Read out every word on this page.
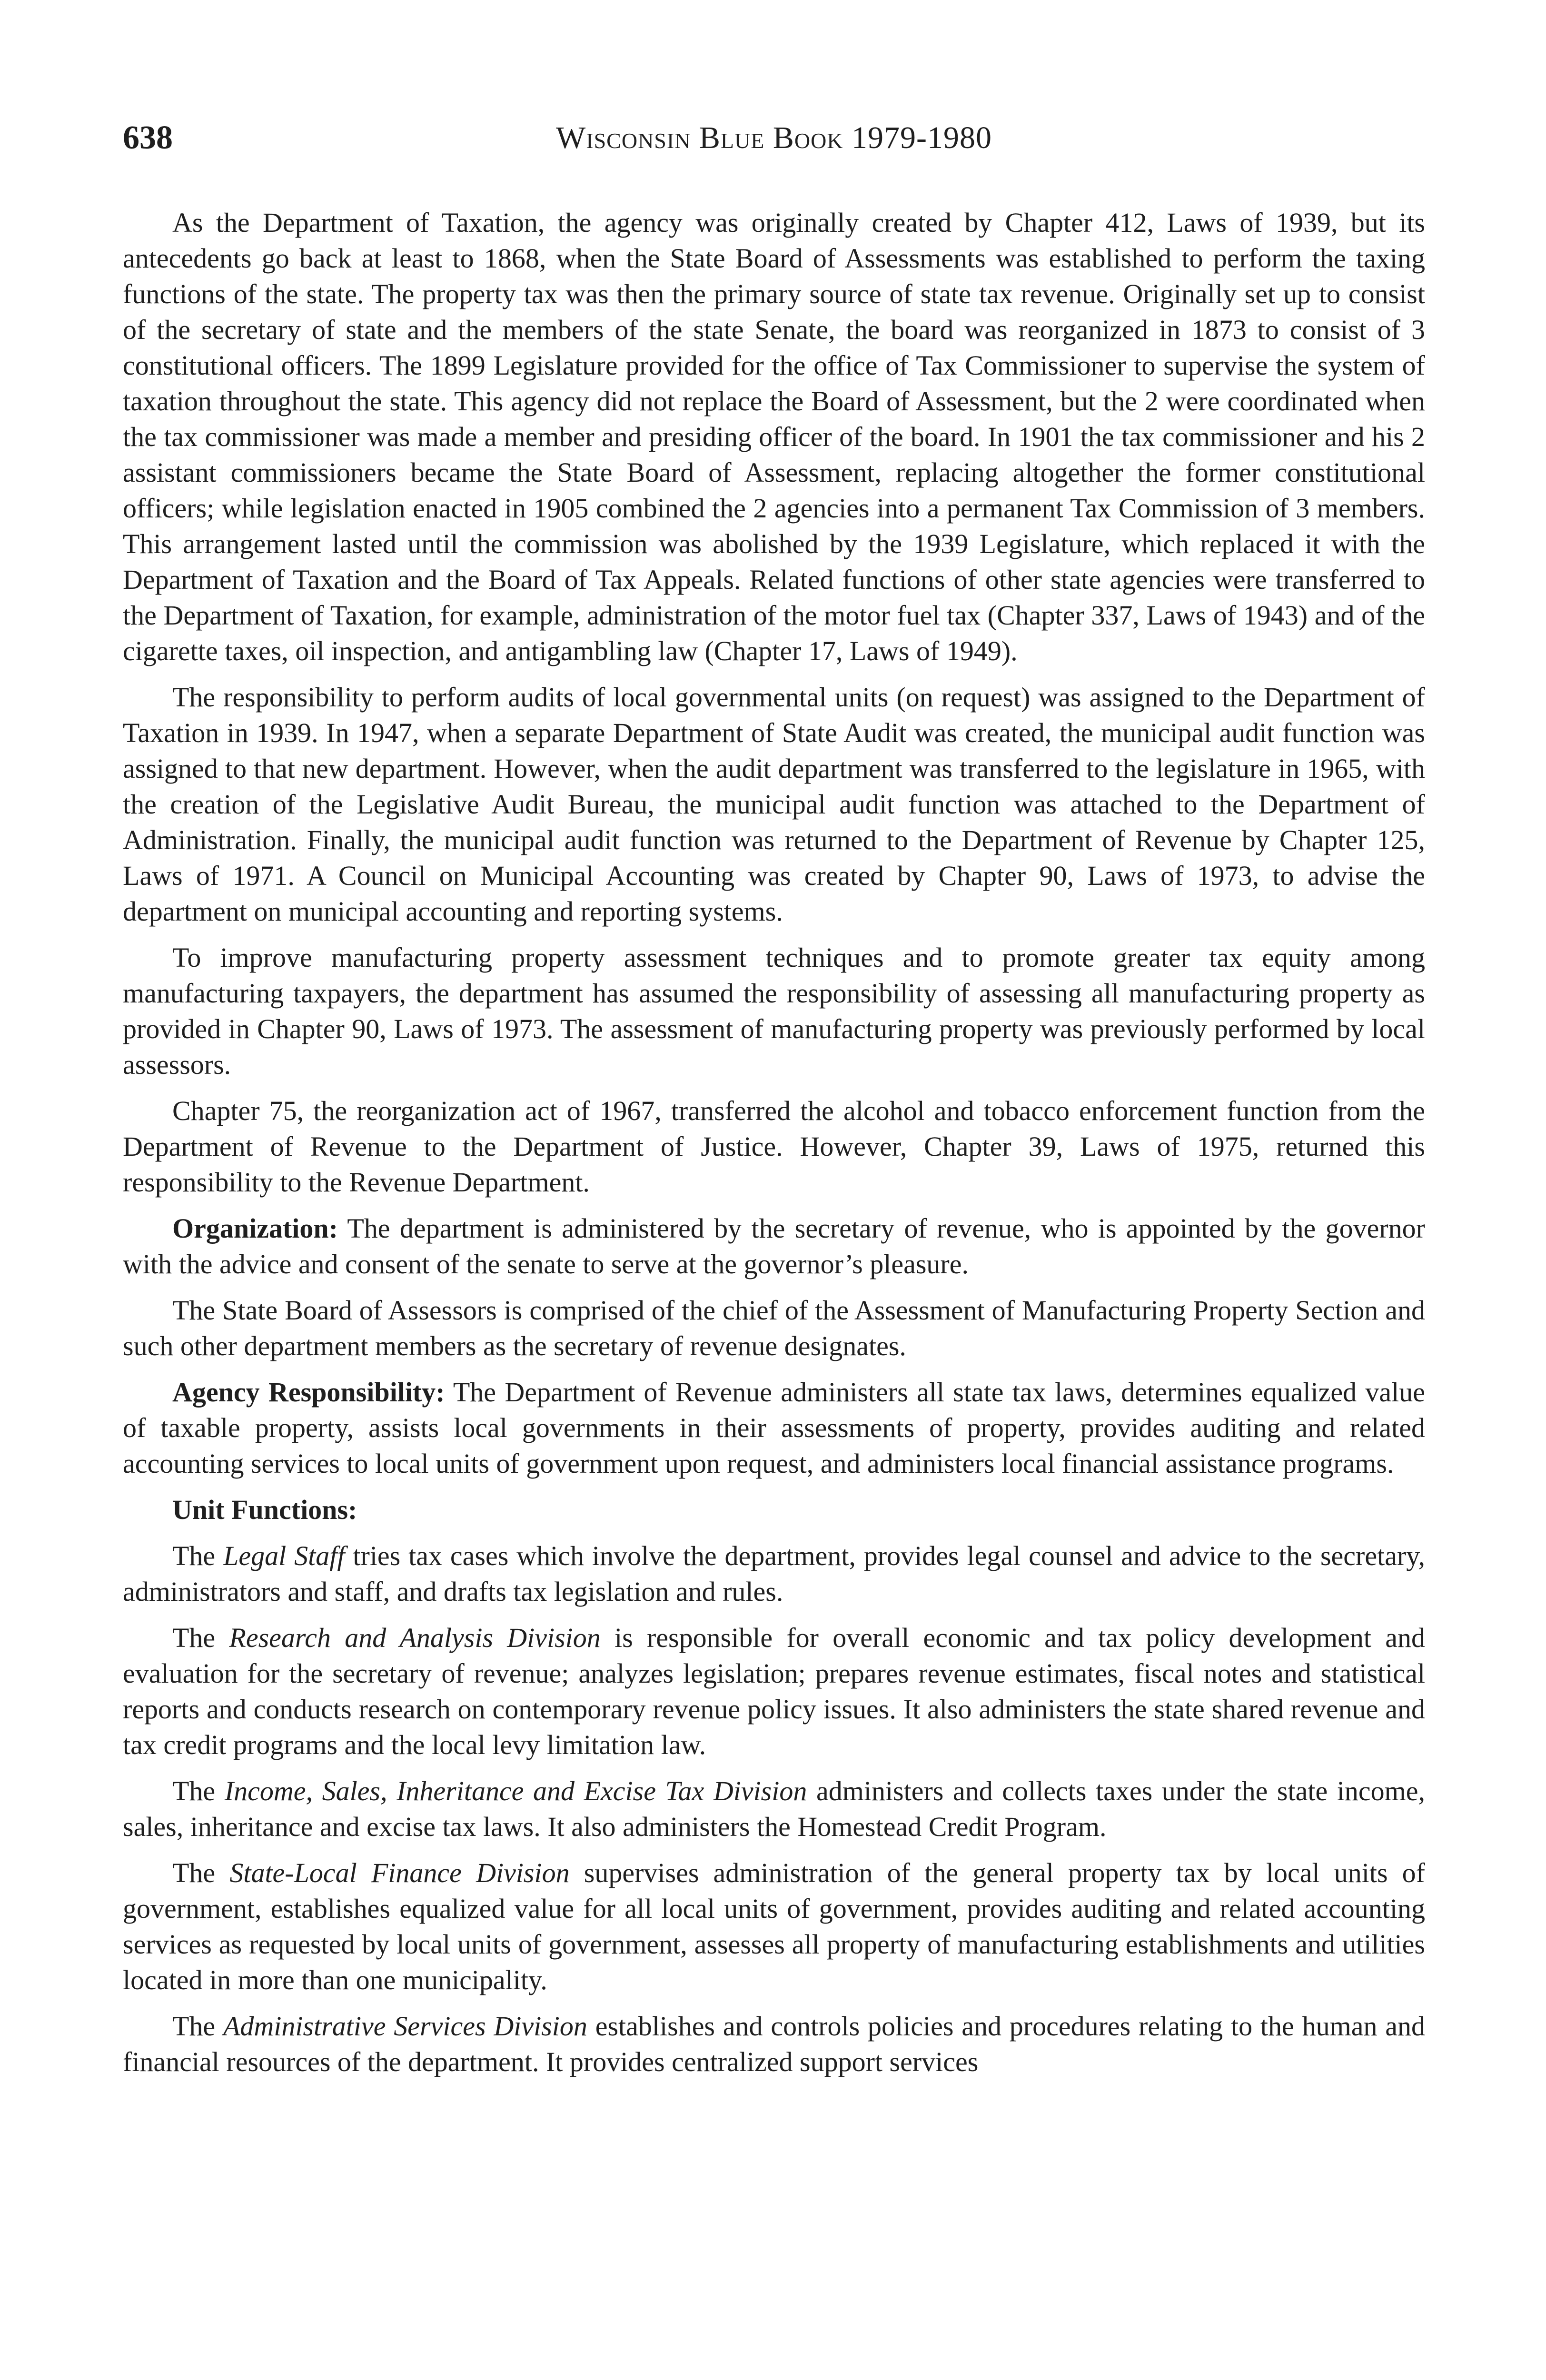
638	Wisconsin Blue Book 1979-1980

As the Department of Taxation, the agency was originally created by Chapter 412, Laws of 1939, but its antecedents go back at least to 1868, when the State Board of Assessments was established to perform the taxing functions of the state. The property tax was then the primary source of state tax revenue. Originally set up to consist of the secretary of state and the members of the state Senate, the board was reorganized in 1873 to consist of 3 constitutional officers. The 1899 Legislature provided for the office of Tax Commissioner to supervise the system of taxation throughout the state. This agency did not replace the Board of Assessment, but the 2 were coordinated when the tax commissioner was made a member and presiding officer of the board. In 1901 the tax commissioner and his 2 assistant commissioners became the State Board of Assessment, replacing altogether the former constitutional officers; while legislation enacted in 1905 combined the 2 agencies into a permanent Tax Commission of 3 members. This arrangement lasted until the commission was abolished by the 1939 Legislature, which replaced it with the Department of Taxation and the Board of Tax Appeals. Related functions of other state agencies were transferred to the Department of Taxation, for example, administration of the motor fuel tax (Chapter 337, Laws of 1943) and of the cigarette taxes, oil inspection, and antigambling law (Chapter 17, Laws of 1949).

The responsibility to perform audits of local governmental units (on request) was assigned to the Department of Taxation in 1939. In 1947, when a separate Department of State Audit was created, the municipal audit function was assigned to that new department. However, when the audit department was transferred to the legislature in 1965, with the creation of the Legislative Audit Bureau, the municipal audit function was attached to the Department of Administration. Finally, the municipal audit function was returned to the Department of Revenue by Chapter 125, Laws of 1971. A Council on Municipal Accounting was created by Chapter 90, Laws of 1973, to advise the department on municipal accounting and reporting systems.

To improve manufacturing property assessment techniques and to promote greater tax equity among manufacturing taxpayers, the department has assumed the responsibility of assessing all manufacturing property as provided in Chapter 90, Laws of 1973. The assessment of manufacturing property was previously performed by local assessors.

Chapter 75, the reorganization act of 1967, transferred the alcohol and tobacco enforcement function from the Department of Revenue to the Department of Justice. However, Chapter 39, Laws of 1975, returned this responsibility to the Revenue Department.

Organization: The department is administered by the secretary of revenue, who is appointed by the governor with the advice and consent of the senate to serve at the governor’s pleasure.

The State Board of Assessors is comprised of the chief of the Assessment of Manufacturing Property Section and such other department members as the secretary of revenue designates.

Agency Responsibility: The Department of Revenue administers all state tax laws, determines equalized value of taxable property, assists local governments in their assessments of property, provides auditing and related accounting services to local units of government upon request, and administers local financial assistance programs.

Unit Functions:

The Legal Staff tries tax cases which involve the department, provides legal counsel and advice to the secretary, administrators and staff, and drafts tax legislation and rules.

The Research and Analysis Division is responsible for overall economic and tax policy development and evaluation for the secretary of revenue; analyzes legislation; prepares revenue estimates, fiscal notes and statistical reports and conducts research on contemporary revenue policy issues. It also administers the state shared revenue and tax credit programs and the local levy limitation law.

The Income, Sales, Inheritance and Excise Tax Division administers and collects taxes under the state income, sales, inheritance and excise tax laws. It also administers the Homestead Credit Program.

The State-Local Finance Division supervises administration of the general property tax by local units of government, establishes equalized value for all local units of government, provides auditing and related accounting services as requested by local units of government, assesses all property of manufacturing establishments and utilities located in more than one municipality.

The Administrative Services Division establishes and controls policies and procedures relating to the human and financial resources of the department. It provides centralized support services
